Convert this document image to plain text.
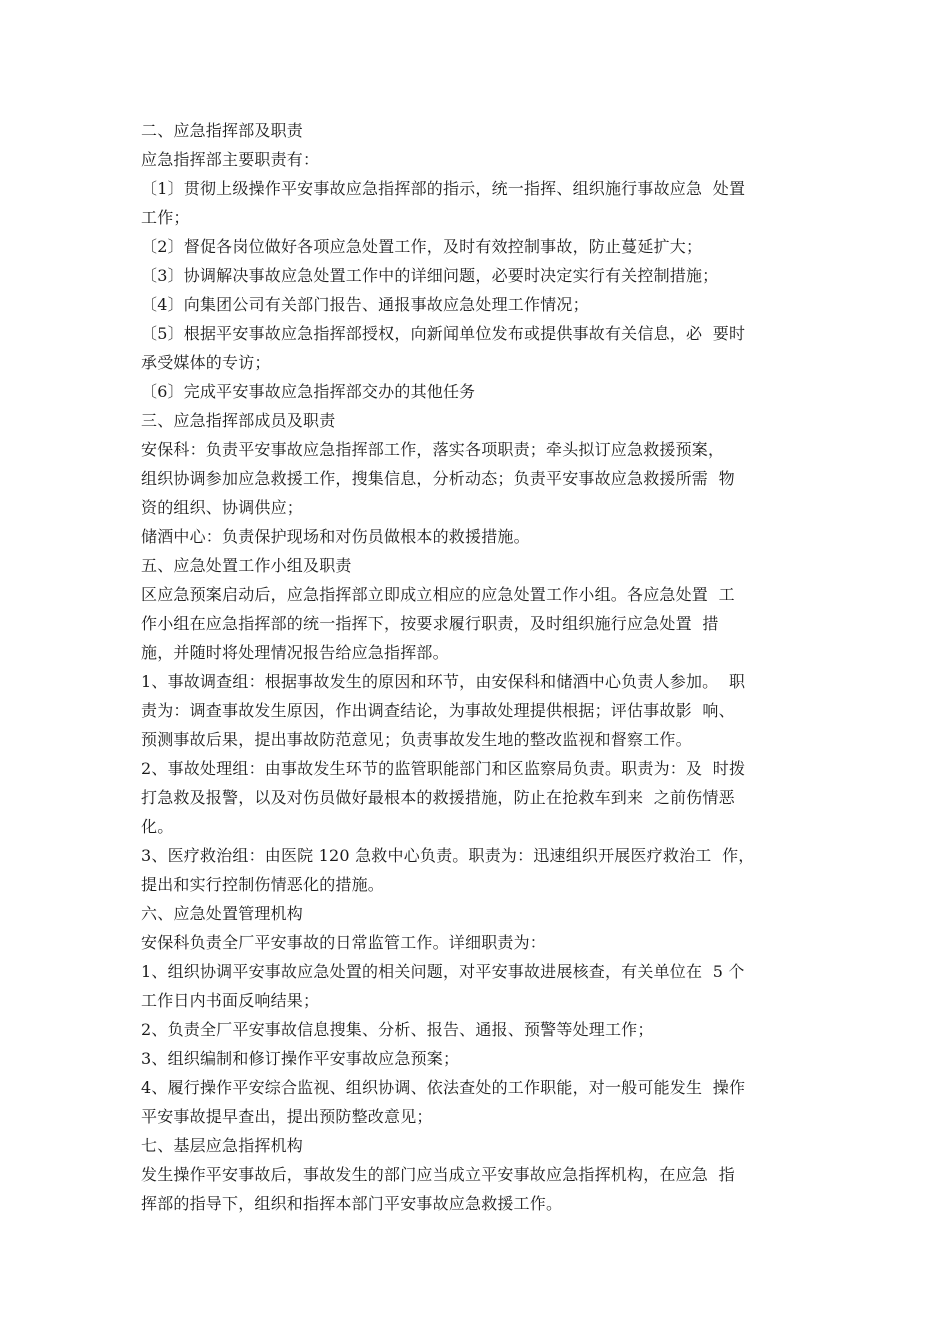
二、应急指挥部及职责
应急指挥部主要职责有：
〔1〕贯彻上级操作平安事故应急指挥部的指示，统一指挥、组织施行事故应急  处置
工作；
〔2〕督促各岗位做好各项应急处置工作，及时有效控制事故，防止蔓延扩大；
〔3〕协调解决事故应急处置工作中的详细问题，必要时决定实行有关控制措施；
〔4〕向集团公司有关部门报告、通报事故应急处理工作情况；
〔5〕根据平安事故应急指挥部授权，向新闻单位发布或提供事故有关信息，必  要时
承受媒体的专访；
〔6〕完成平安事故应急指挥部交办的其他任务
三、应急指挥部成员及职责
安保科：负责平安事故应急指挥部工作，落实各项职责；牵头拟订应急救援预案，
组织协调参加应急救援工作，搜集信息，分析动态；负责平安事故应急救援所需  物
资的组织、协调供应；
储酒中心：负责保护现场和对伤员做根本的救援措施。
五、应急处置工作小组及职责
区应急预案启动后，应急指挥部立即成立相应的应急处置工作小组。各应急处置  工
作小组在应急指挥部的统一指挥下，按要求履行职责，及时组织施行应急处置  措
施，并随时将处理情况报告给应急指挥部。
1、事故调查组：根据事故发生的原因和环节，由安保科和储酒中心负责人参加。  职
责为：调查事故发生原因，作出调查结论，为事故处理提供根据；评估事故影  响、
预测事故后果，提出事故防范意见；负责事故发生地的整改监视和督察工作。
2、事故处理组：由事故发生环节的监管职能部门和区监察局负责。职责为：及  时拨
打急救及报警，以及对伤员做好最根本的救援措施，防止在抢救车到来  之前伤情恶
化。
3、医疗救治组：由医院 120 急救中心负责。职责为：迅速组织开展医疗救治工  作，
提出和实行控制伤情恶化的措施。
六、应急处置管理机构
安保科负责全厂平安事故的日常监管工作。详细职责为：
1、组织协调平安事故应急处置的相关问题，对平安事故进展核查，有关单位在  5 个
工作日内书面反响结果；
2、负责全厂平安事故信息搜集、分析、报告、通报、预警等处理工作；
3、组织编制和修订操作平安事故应急预案；
4、履行操作平安综合监视、组织协调、依法查处的工作职能，对一般可能发生  操作
平安事故提早查出，提出预防整改意见；
七、基层应急指挥机构
发生操作平安事故后，事故发生的部门应当成立平安事故应急指挥机构，在应急  指
挥部的指导下，组织和指挥本部门平安事故应急救援工作。
